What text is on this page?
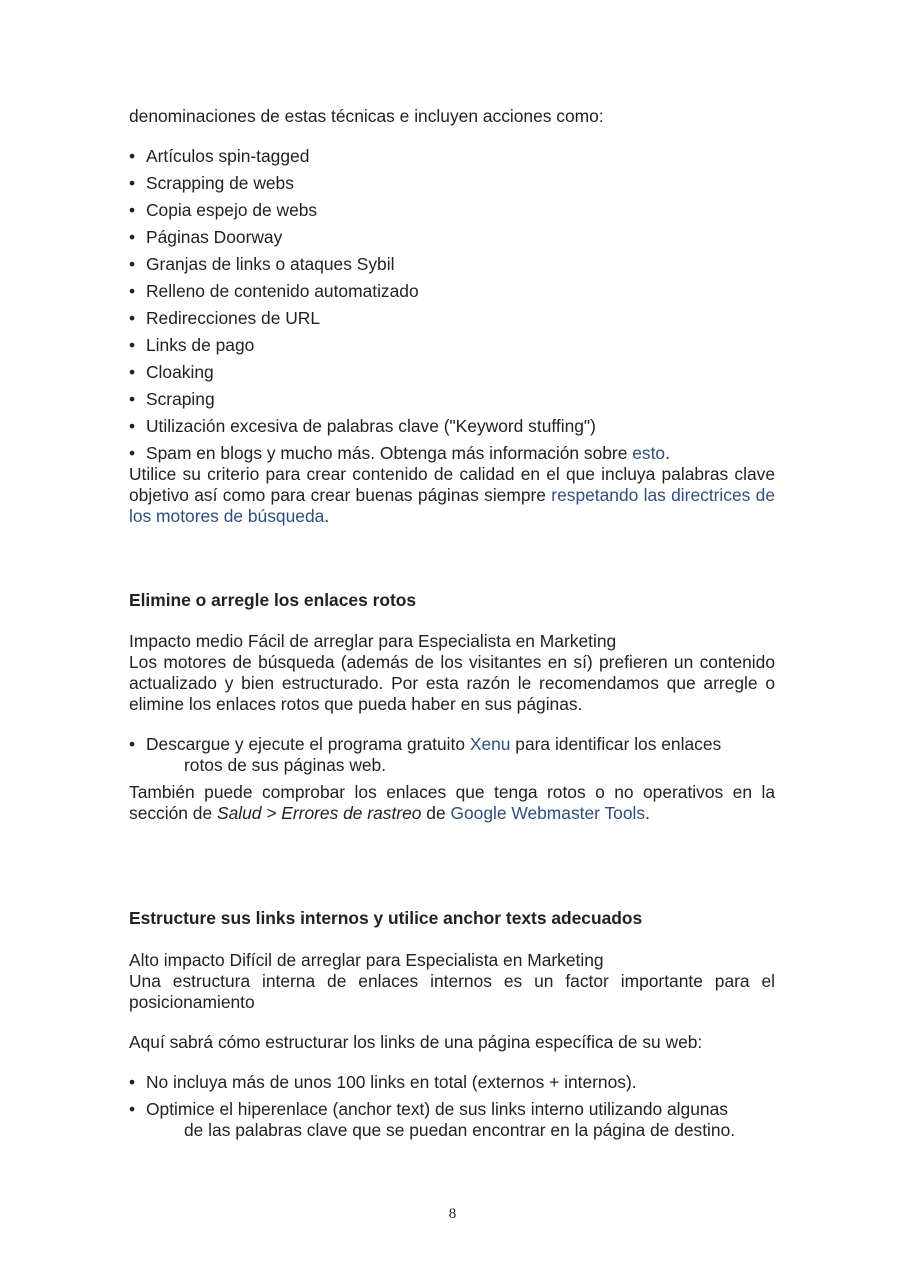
denominaciones de estas técnicas e incluyen acciones como:

• Artículos spin-tagged
• Scrapping de webs
• Copia espejo de webs
• Páginas Doorway
• Granjas de links o ataques Sybil
• Relleno de contenido automatizado
• Redirecciones de URL
• Links de pago
• Cloaking
• Scraping
• Utilización excesiva de palabras clave ("Keyword stuffing")
• Spam en blogs y mucho más. Obtenga más información sobre esto.

Utilice su criterio para crear contenido de calidad en el que incluya palabras clave objetivo así como para crear buenas páginas siempre respetando las directrices de los motores de búsqueda.

Elimine o arregle los enlaces rotos

Impacto medio Fácil de arreglar para Especialista en Marketing

Los motores de búsqueda (además de los visitantes en sí) prefieren un contenido actualizado y bien estructurado. Por esta razón le recomendamos que arregle o elimine los enlaces rotos que pueda haber en sus páginas.

• Descargue y ejecute el programa gratuito Xenu para identificar los enlaces
rotos de sus páginas web.

También puede comprobar los enlaces que tenga rotos o no operativos en la sección de Salud > Errores de rastreo de Google Webmaster Tools.

Estructure sus links internos y utilice anchor texts adecuados

Alto impacto Difícil de arreglar para Especialista en Marketing

Una estructura interna de enlaces internos es un factor importante para el posicionamiento

Aquí sabrá cómo estructurar los links de una página específica de su web:

• No incluya más de unos 100 links en total (externos + internos).
• Optimice el hiperenlace (anchor text) de sus links interno utilizando algunas
de las palabras clave que se puedan encontrar en la página de destino.
8
